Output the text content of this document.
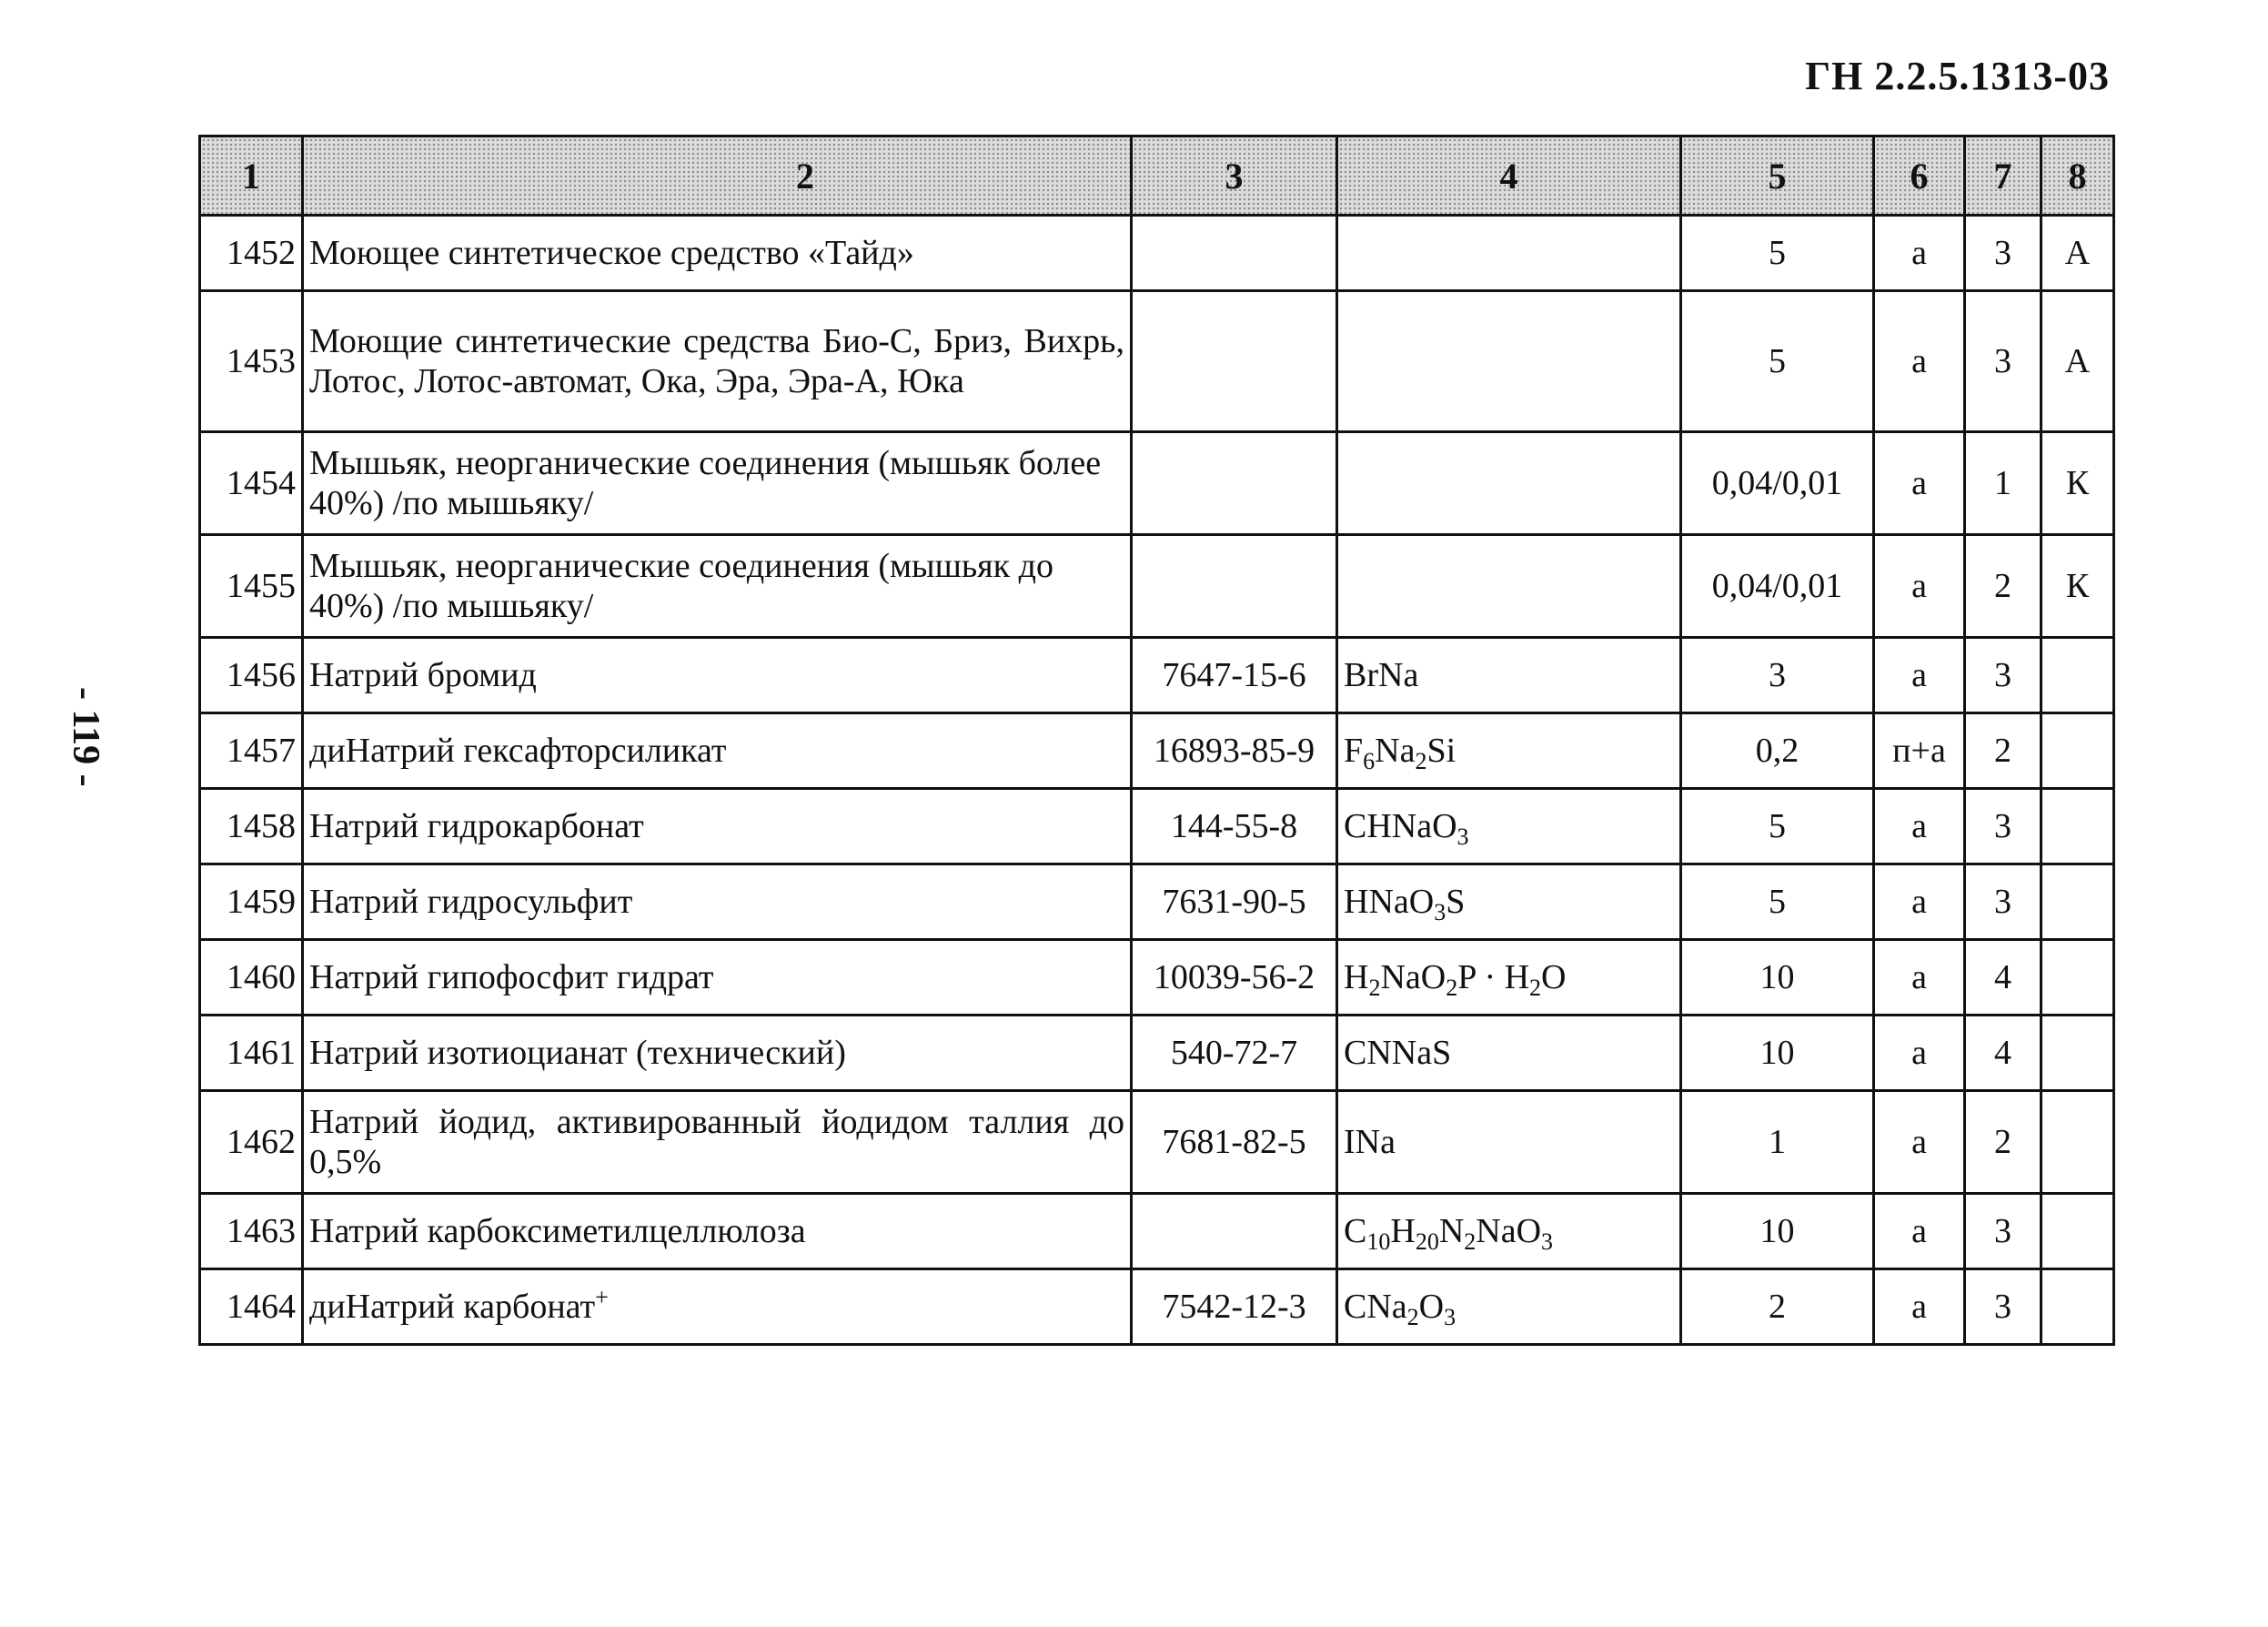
ГН 2.2.5.1313-03
- 119 -
1	2	3	4	5	6	7	8
1452	Моющее синтетическое средство «Тайд»			5	а	3	А
1453	Моющие синтетические средства Био-С, Бриз, Вихрь, Лотос, Лотос-автомат, Ока, Эра, Эра-А, Юка			5	а	3	А
1454	Мышьяк, неорганические соединения (мышьяк более 40%) /по мышьяку/			0,04/0,01	а	1	К
1455	Мышьяк, неорганические соединения (мышьяк до 40%) /по мышьяку/			0,04/0,01	а	2	К
1456	Натрий бромид	7647-15-6	BrNa	3	а	3	
1457	диНатрий гексафторсиликат	16893-85-9	$F_6Na_2Si$	0,2	п+а	2	
1458	Натрий гидрокарбонат	144-55-8	CHNaO$_3$	5	а	3	
1459	Натрий гидросульфит	7631-90-5	HNaO$_3$S	5	а	3	
1460	Натрий гипофосфит гидрат	10039-56-2	$H_2NaO_2P \cdot H_2O$	10	а	4	
1461	Натрий изотиоцианат (технический)	540-72-7	CNNaS	10	а	4	
1462	Натрий йодид, активированный йодидом таллия до 0,5%	7681-82-5	INa	1	а	2	
1463	Натрий карбоксиметилцеллюлоза		$C_{10}H_{20}N_2NaO_3$	10	а	3	
1464	диНатрий карбонат+	7542-12-3	$CNa_2O_3$	2	а	3	
